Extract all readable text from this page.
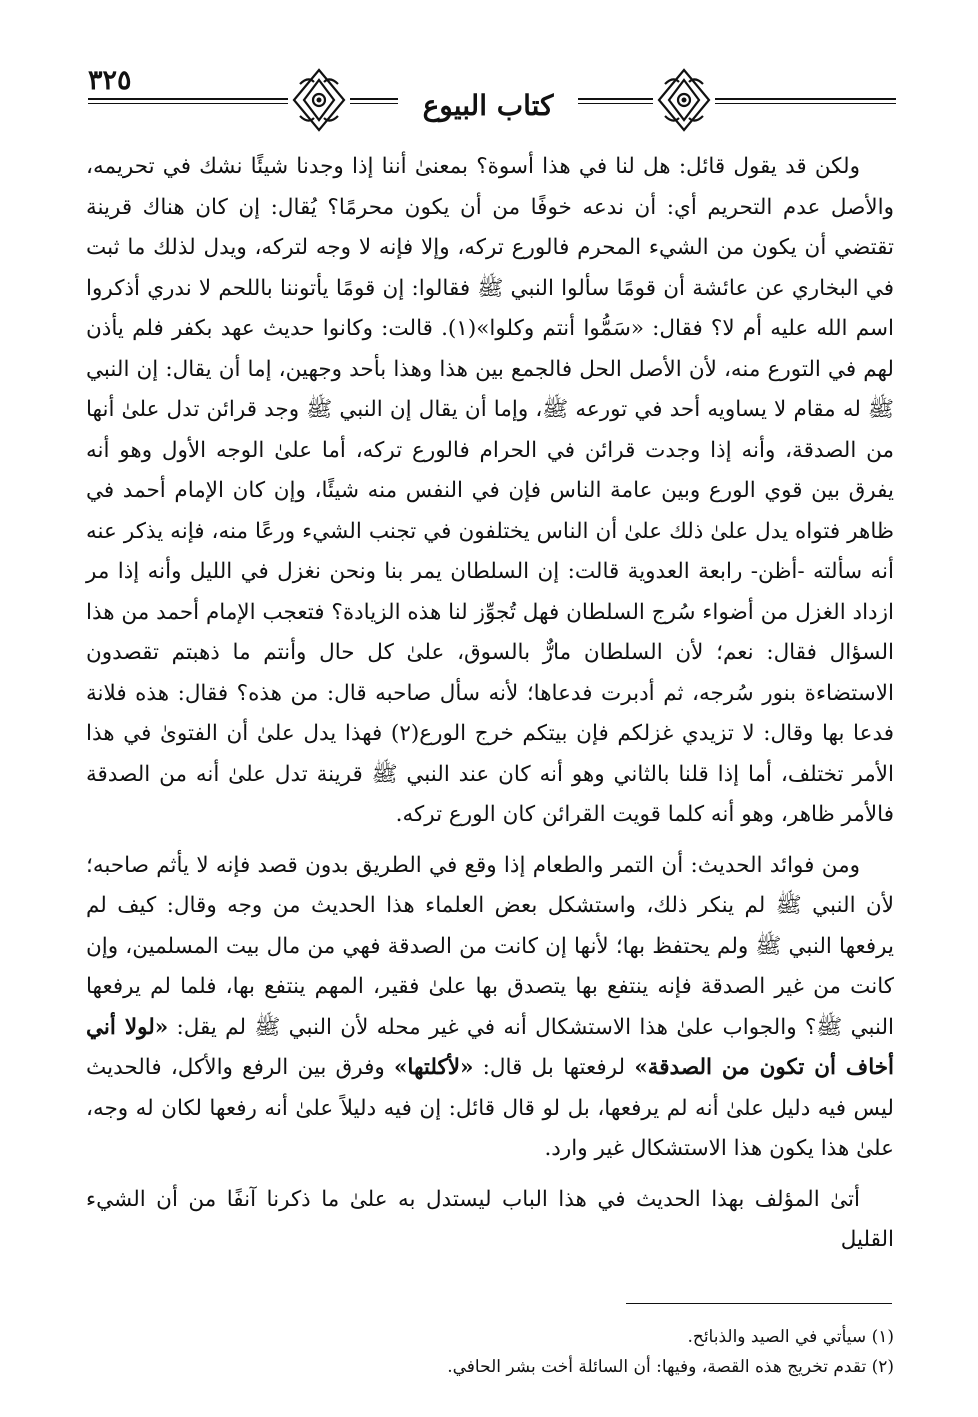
٣٢٥
كتاب البيوع

ولكن قد يقول قائل: هل لنا في هذا أسوة؟ بمعنىٰ أننا إذا وجدنا شيئًا نشك في تحريمه، والأصل عدم التحريم أي: أن ندعه خوفًا من أن يكون محرمًا؟ يُقال: إن كان هناك قرينة تقتضي أن يكون من الشيء المحرم فالورع تركه، وإلا فإنه لا وجه لتركه، ويدل لذلك ما ثبت في البخاري عن عائشة أن قومًا سألوا النبي ﷺ فقالوا: إن قومًا يأتوننا باللحم لا ندري أذكروا اسم الله عليه أم لا؟ فقال: «سَمُّوا أنتم وكلوا»(١). قالت: وكانوا حديث عهد بكفر فلم يأذن لهم في التورع منه، لأن الأصل الحل فالجمع بين هذا وهذا بأحد وجهين، إما أن يقال: إن النبي ﷺ له مقام لا يساويه أحد في تورعه ﷺ، وإما أن يقال إن النبي ﷺ وجد قرائن تدل علىٰ أنها من الصدقة، وأنه إذا وجدت قرائن في الحرام فالورع تركه، أما علىٰ الوجه الأول وهو أنه يفرق بين قوي الورع وبين عامة الناس فإن في النفس منه شيئًا، وإن كان الإمام أحمد في ظاهر فتواه يدل علىٰ ذلك علىٰ أن الناس يختلفون في تجنب الشيء ورعًا منه، فإنه يذكر عنه أنه سألته -أظن- رابعة العدوية قالت: إن السلطان يمر بنا ونحن نغزل في الليل وأنه إذا مر ازداد الغزل من أضواء سُرج السلطان فهل تُجوِّز لنا هذه الزيادة؟ فتعجب الإمام أحمد من هذا السؤال فقال: نعم؛ لأن السلطان مارٌّ بالسوق، علىٰ كل حال وأنتم ما ذهبتم تقصدون الاستضاءة بنور سُرجه، ثم أدبرت فدعاها؛ لأنه سأل صاحبه قال: من هذه؟ فقال: هذه فلانة فدعا بها وقال: لا تزيدي غزلكم فإن بيتكم خرج الورع(٢) فهذا يدل علىٰ أن الفتوىٰ في هذا الأمر تختلف، أما إذا قلنا بالثاني وهو أنه كان عند النبي ﷺ قرينة تدل علىٰ أنه من الصدقة فالأمر ظاهر، وهو أنه كلما قويت القرائن كان الورع تركه.

ومن فوائد الحديث: أن التمر والطعام إذا وقع في الطريق بدون قصد فإنه لا يأثم صاحبه؛ لأن النبي ﷺ لم ينكر ذلك، واستشكل بعض العلماء هذا الحديث من وجه وقال: كيف لم يرفعها النبي ﷺ ولم يحتفظ بها؛ لأنها إن كانت من الصدقة فهي من مال بيت المسلمين، وإن كانت من غير الصدقة فإنه ينتفع بها يتصدق بها علىٰ فقير، المهم ينتفع بها، فلما لم يرفعها النبي ﷺ؟ والجواب علىٰ هذا الاستشكال أنه في غير محله لأن النبي ﷺ لم يقل: «لولا أني أخاف أن تكون من الصدقة» لرفعتها بل قال: «لأكلتها» وفرق بين الرفع والأكل، فالحديث ليس فيه دليل علىٰ أنه لم يرفعها، بل لو قال قائل: إن فيه دليلاً علىٰ أنه رفعها لكان له وجه، علىٰ هذا يكون هذا الاستشكال غير وارد.

أتىٰ المؤلف بهذا الحديث في هذا الباب ليستدل به علىٰ ما ذكرنا آنفًا من أن الشيء القليل

(١) سيأتي في الصيد والذبائح.

(٢) تقدم تخريج هذه القصة، وفيها: أن السائلة أخت بشر الحافي.
